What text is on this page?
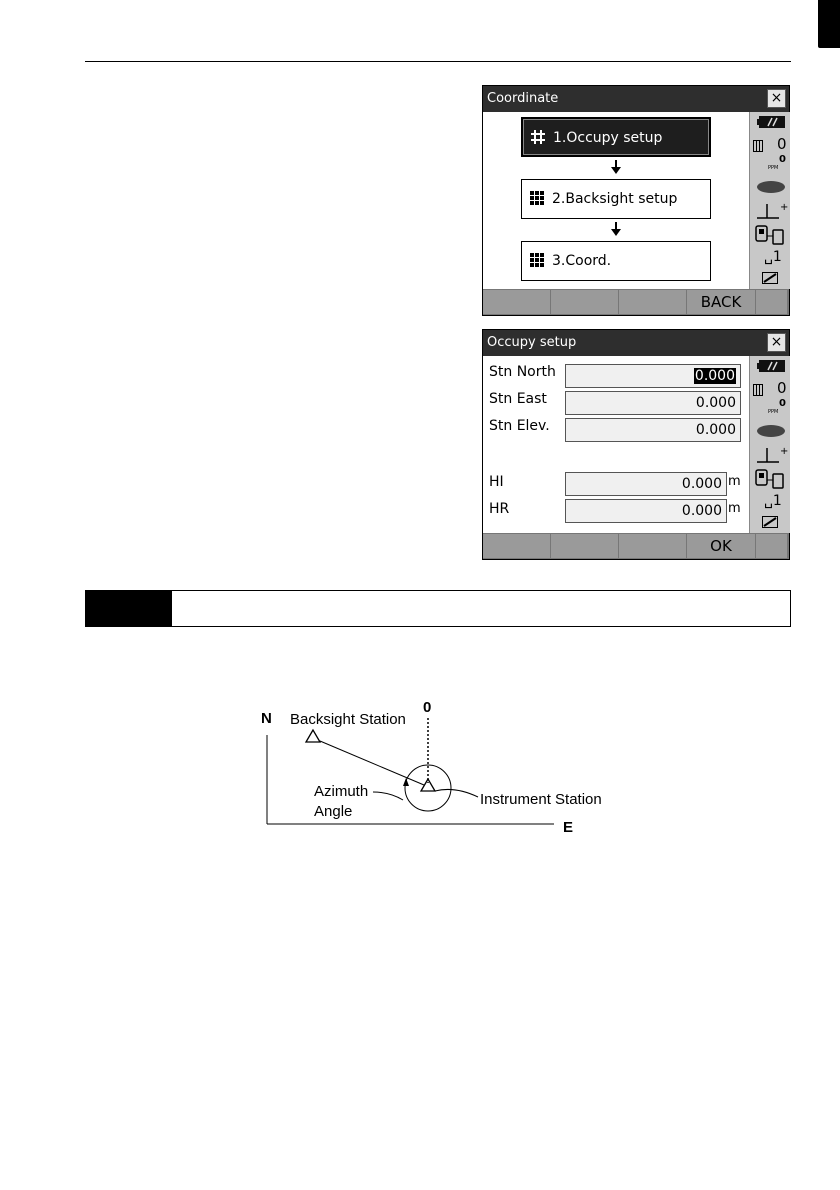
Coordinate	×
1.Occupy setup
2.Backsight setup
3.Coord.
0
0
PPM
+
␣1
BACK
Occupy setup	×
Stn North	0.000
Stn East	0.000
Stn Elev.	0.000
HI	0.000 m
HR	0.000 m
0
0
PPM
+
␣1
OK
N
E
0
Backsight Station
Instrument Station
Azimuth
Angle
